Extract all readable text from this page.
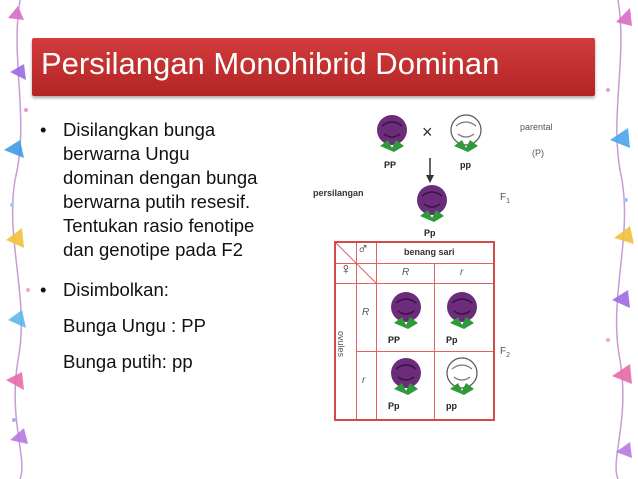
Persilangan Monohibrid Dominan
• Disilangkan bunga
berwarna Ungu
dominan dengan bunga
berwarna putih resesif.
Tentukan rasio fenotipe
dan genotipe pada F2
• Disimbolkan:
Bunga Ungu : PP
Bunga putih: pp
PP
×
pp
parental
(P)
persilangan
Pp
$F_1$
♀
♂	benang sari
R	r
ovules
R
r
PP	Pp
Pp	pp
$F_2$
